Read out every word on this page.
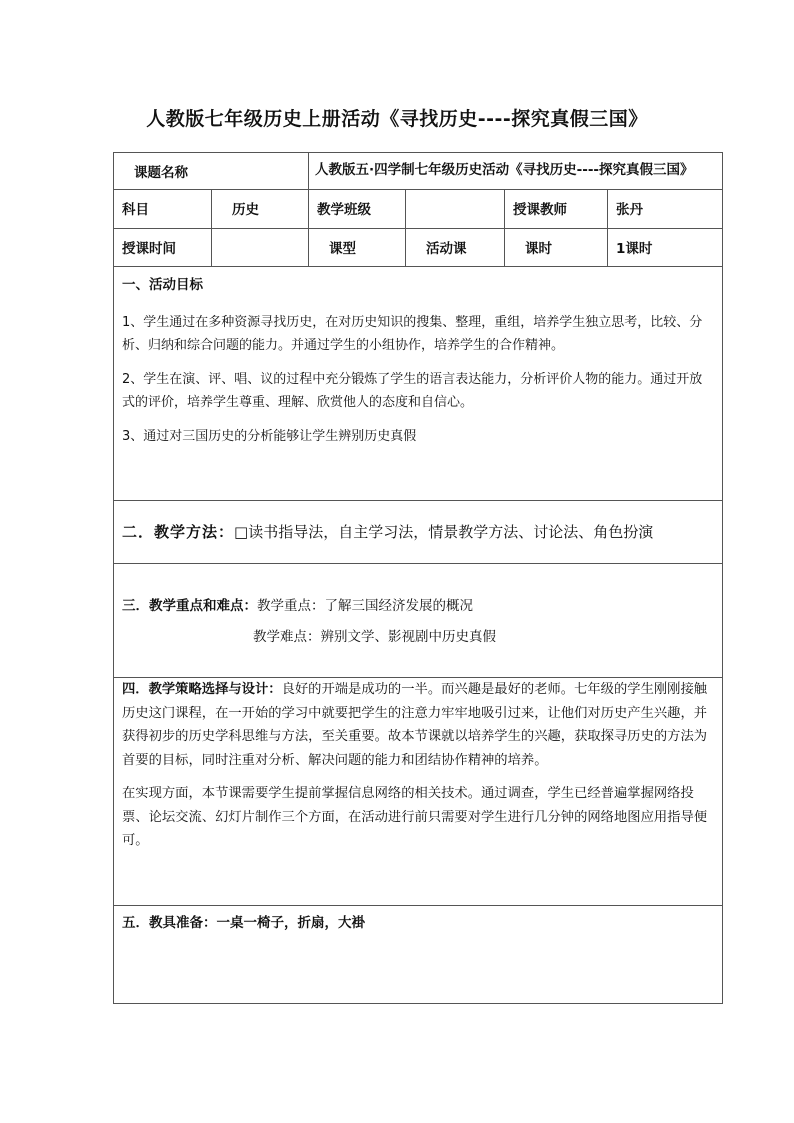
人教版七年级历史上册活动《寻找历史----探究真假三国》
课题名称		人教版五·四学制七年级历史活动《寻找历史----探究真假三国》			

科目	历史	教学班级		授课教师	张丹

授课时间		课型	活动课	课时	1课时

一、活动目标
1、学生通过在多种资源寻找历史，在对历史知识的搜集、整理，重组，培养学生独立思考，比较、分析、归纳和综合问题的能力。并通过学生的小组协作，培养学生的合作精神。
2、学生在演、评、唱、议的过程中充分锻炼了学生的语言表达能力，分析评价人物的能力。通过开放式的评价，培养学生尊重、理解、欣赏他人的态度和自信心。
3、通过对三国历史的分析能够让学生辨别历史真假					

二．教学方法：□读书指导法，自主学习法，情景教学方法、讨论法、角色扮演					

三．教学重点和难点：教学重点：了解三国经济发展的概况
教学难点：辨别文学、影视剧中历史真假					

四．教学策略选择与设计：良好的开端是成功的一半。而兴趣是最好的老师。七年级的学生刚刚接触历史这门课程，在一开始的学习中就要把学生的注意力牢牢地吸引过来，让他们对历史产生兴趣，并获得初步的历史学科思维与方法，至关重要。故本节课就以培养学生的兴趣，获取探寻历史的方法为首要的目标，同时注重对分析、解决问题的能力和团结协作精神的培养。
在实现方面，本节课需要学生提前掌握信息网络的相关技术。通过调查，学生已经普遍掌握网络投票、论坛交流、幻灯片制作三个方面，在活动进行前只需要对学生进行几分钟的网络地图应用指导便可。					

五．教具准备：一桌一椅子，折扇，大褂					
